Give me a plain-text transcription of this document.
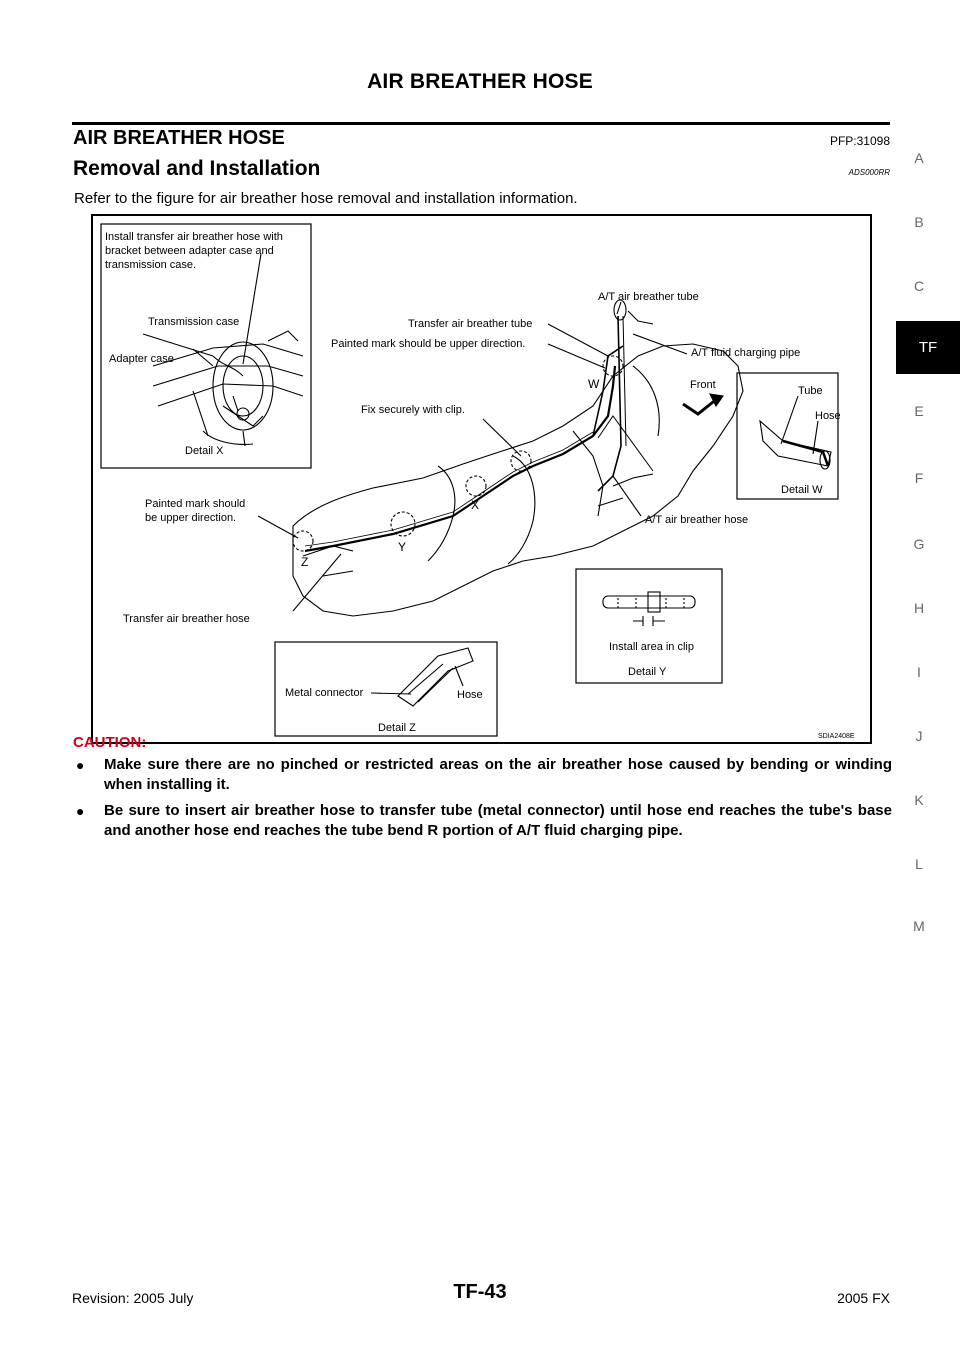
AIR BREATHER HOSE
AIR BREATHER HOSE	PFP:31098
Removal and Installation	ADS000RR
Refer to the figure for air breather hose removal and installation information.
Install transfer air breather hose with
bracket between adapter case and
transmission case.
Transmission case
Adapter case
Detail X
A/T air breather tube
Transfer air breather tube
Painted mark should be upper direction.
A/T fluid charging pipe
Front
Fix securely with clip.
Painted mark should
be upper direction.	A/T air breather hose
Transfer air breather hose
W
X
Y
Z
Tube
Hose
Detail W
Install area in clip
Detail Y
Metal connector	Hose
Detail Z
SDIA2408E
CAUTION:
● Make sure there are no pinched or restricted areas on the air breather hose caused by bending or winding when installing it.
● Be sure to insert air breather hose to transfer tube (metal connector) until hose end reaches the tube's base and another hose end reaches the tube bend R portion of A/T fluid charging pipe.
A
B
C
TF
E
F
G
H
I
J
K
L
M
Revision: 2005 July	TF-43	2005 FX
